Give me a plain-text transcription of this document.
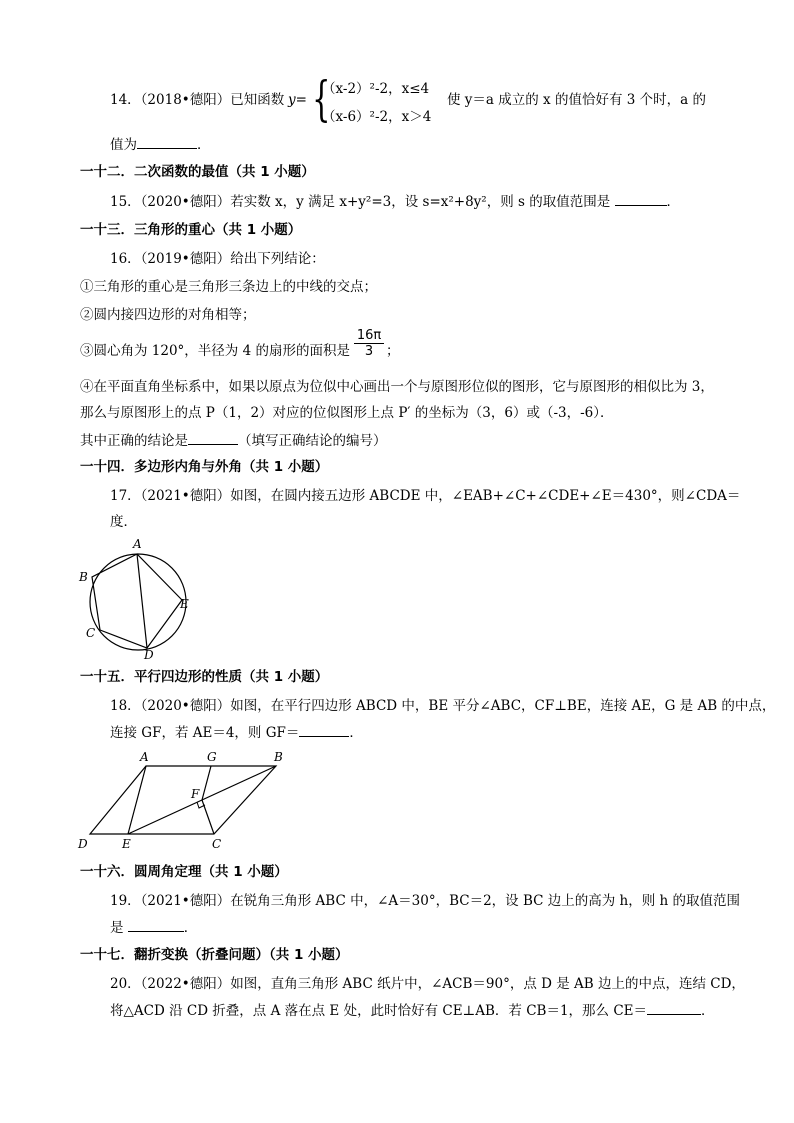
14．（2018•德阳）已知函数 y= {
（x-2）²-2，x≤4
（x-6）²-2，x＞4
使 y＝a 成立的 x 的值恰好有 3 个时，a 的
值为	．
一十二．二次函数的最值（共 1 小题）
15．（2020•德阳）若实数 x，y 满足 x+y²=3，设 s=x²+8y²，则 s 的取值范围是	．
一十三．三角形的重心（共 1 小题）
16．（2019•德阳）给出下列结论：
①三角形的重心是三角形三条边上的中线的交点；
②圆内接四边形的对角相等；
③圆心角为 120°，半径为 4 的扇形的面积是 $\frac{16\pi}{3}$ ；
④在平面直角坐标系中，如果以原点为位似中心画出一个与原图形位似的图形，它与原图形的相似比为 3，
那么与原图形上的点 P（1，2）对应的位似图形上点 P′ 的坐标为（3，6）或（-3，-6）．
其中正确的结论是	（填写正确结论的编号）
一十四．多边形内角与外角（共 1 小题）
17．（2021•德阳）如图，在圆内接五边形 ABCDE 中，∠EAB+∠C+∠CDE+∠E＝430°，则∠CDA＝
度．
A
B
C
D
E
一十五．平行四边形的性质（共 1 小题）
18．（2020•德阳）如图，在平行四边形 ABCD 中，BE 平分∠ABC，CF⊥BE，连接 AE，G 是 AB 的中点，
连接 GF，若 AE＝4，则 GF＝	．
A	G	B
F
D	E	C
一十六．圆周角定理（共 1 小题）
19．（2021•德阳）在锐角三角形 ABC 中，∠A＝30°，BC＝2，设 BC 边上的高为 h，则 h 的取值范围
是	．
一十七．翻折变换（折叠问题）（共 1 小题）
20．（2022•德阳）如图，直角三角形 ABC 纸片中，∠ACB＝90°，点 D 是 AB 边上的中点，连结 CD，
将△ACD 沿 CD 折叠，点 A 落在点 E 处，此时恰好有 CE⊥AB．若 CB＝1，那么 CE＝	．
